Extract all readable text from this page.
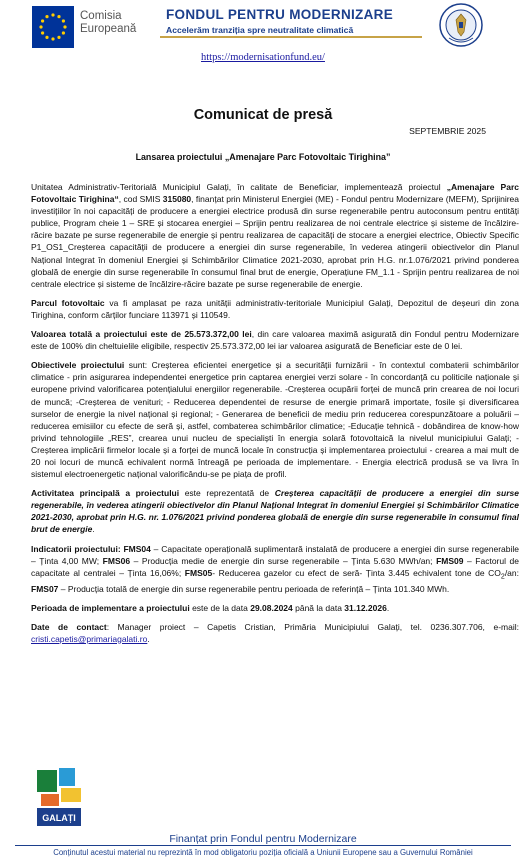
Comisia Europeană
FONDUL PENTRU MODERNIZARE
Accelerăm tranziția spre neutralitate climatică
https://modernisationfund.eu/
Comunicat de presă
SEPTEMBRIE 2025
Lansarea proiectului „Amenajare Parc Fotovoltaic Tirighina”

Unitatea Administrativ-Teritorială Municipiul Galați, în calitate de Beneficiar, implementează proiectul „Amenajare Parc Fotovoltaic Tirighina“, cod SMIS 315080, finanțat prin Ministerul Energiei (ME) - Fondul pentru Modernizare (MEFM), Sprijinirea investițiilor în noi capacități de producere a energiei electrice produsă din surse regenerabile pentru autoconsum pentru entități publice, Program cheie 1 – SRE și stocarea energiei – Sprijin pentru realizarea de noi centrale electrice și sisteme de încălzire-răcire bazate pe surse regenerabile de energie și pentru realizarea de capacități de stocare a energiei electrice, Obiectiv Specific P1_OS1_Creșterea capacității de producere a energiei din surse regenerabile, în vederea atingerii obiectivelor din Planul Național Integrat în domeniul Energiei și Schimbărilor Climatice 2021-2030, aprobat prin H.G. nr.1.076/2021 privind ponderea globală de energie din surse regenerabile în consumul final brut de energie, Operațiune FM_1.1 - Sprijin pentru realizarea de noi centrale electrice și sisteme de încălzire-răcire bazate pe surse regenerabile de energie.

Parcul fotovoltaic va fi amplasat pe raza unității administrativ-teritoriale Municipiul Galați, Depozitul de deșeuri din zona Tirighina, conform cărților funciare 113971 și 110549.

Valoarea totală a proiectului este de 25.573.372,00 lei, din care valoarea maximă asigurată din Fondul pentru Modernizare este de 100% din cheltuielile eligibile, respectiv 25.573.372,00 lei iar valoarea asigurată de Beneficiar este de 0 lei.

Obiectivele proiectului sunt: Creșterea eficientei energetice și a securității furnizării - în contextul combaterii schimbărilor climatice - prin asigurarea independentei energetice prin captarea energiei verzi solare - în concordanță cu politicile naționale și europene privind valorificarea potențialului energiilor regenerabile. -Creșterea ocupării forței de muncă prin crearea de noi locuri de muncă; -Creșterea de venituri; - Reducerea dependentei de resurse de energie primară importate, fosile și diversificarea surselor de energie la nivel național și regional; - Generarea de beneficii de mediu prin reducerea corespunzătoare a poluării – reducerea emisiilor cu efecte de seră și, astfel, combaterea schimbărilor climatice; -Educație tehnică - dobândirea de know-how privind tehnologiile „RES”, crearea unui nucleu de specialiști în energia solară fotovoltaică la nivelul municipiului Galați; - Creșterea implicării firmelor locale și a forței de muncă locale în construcția și implementarea proiectului - crearea a mai mult de 20 noi locuri de muncă echivalent normă întreagă pe perioada de implementare. - Energia electrică produsă se va livra în sistemul electroenergetic național valorificându-se pe piața de profil.

Activitatea principală a proiectului este reprezentată de Creșterea capacității de producere a energiei din surse regenerabile, în vederea atingerii obiectivelor din Planul Național Integrat în domeniul Energiei și Schimbărilor Climatice 2021-2030, aprobat prin H.G. nr. 1.076/2021 privind ponderea globală de energie din surse regenerabile în consumul final brut de energie.

Indicatorii proiectului: FMS04 – Capacitate operațională suplimentară instalată de producere a energiei din surse regenerabile – Ținta 4,00 MW; FMS06 – Producția medie de energie din surse regenerabile – Ținta 5.630 MWh/an; FMS09 – Factorul de capacitate al centralei – Ținta 16,06%; FMS05- Reducerea gazelor cu efect de seră- Ținta 3.445 echivalent tone de $CO_2/an$: FMS07 – Producția totală de energie din surse regenerabile pentru perioada de referință – Ținta 101.340 MWh.

Perioada de implementare a proiectului este de la data 29.08.2024 până la data 31.12.2026.

Date de contact: Manager proiect – Capetis Cristian, Primăria Municipiului Galați, tel. 0236.307.706, e-mail: cristi.capetis@primariagalati.ro.

GALAȚI
Finanțat prin Fondul pentru Modernizare
Conținutul acestui material nu reprezintă în mod obligatoriu poziția oficială a Uniunii Europene sau a Guvernului României
